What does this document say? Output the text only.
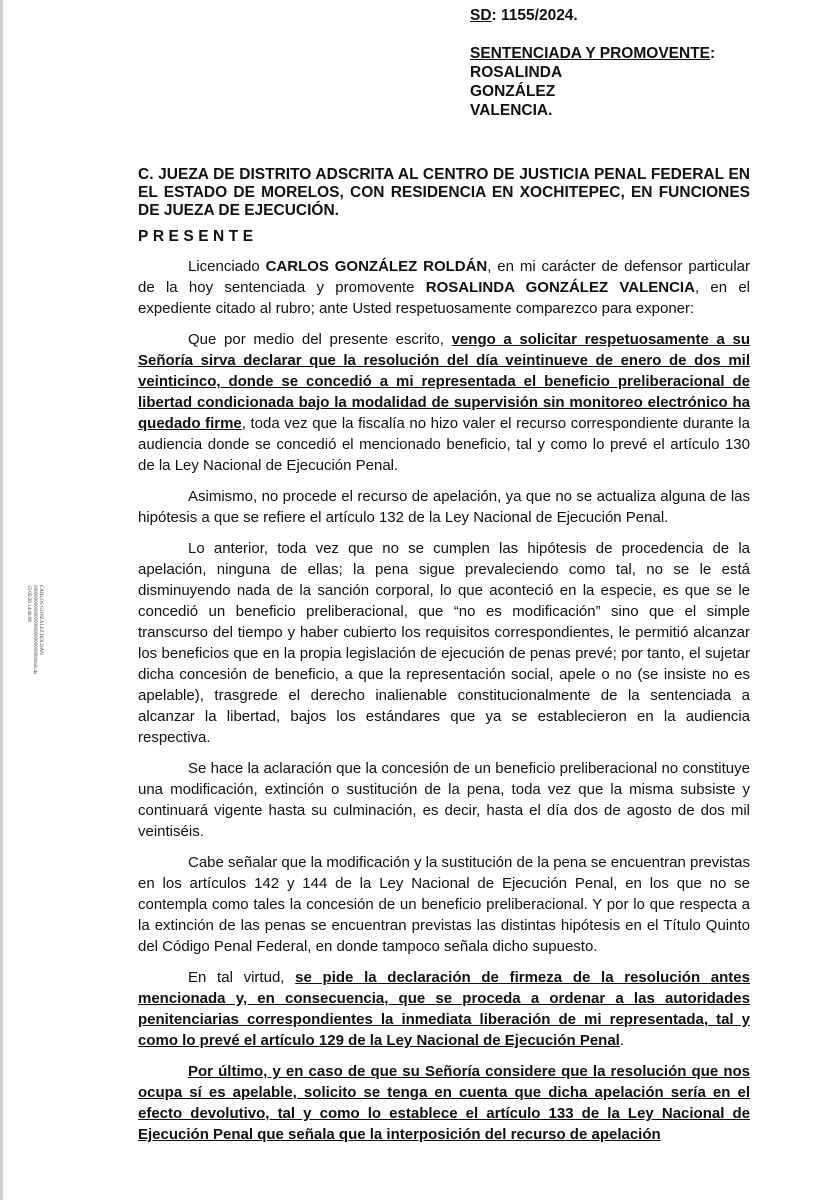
SD: 1155/2024.
SENTENCIADA Y PROMOVENTE:
ROSALINDA GONZÁLEZ VALENCIA.
CARLOS GONZALEZ ROLDAN
0000000000000000000000000000000a5c4a
15/05/26 14:40:08
C. JUEZA DE DISTRITO ADSCRITA AL CENTRO DE JUSTICIA PENAL FEDERAL EN EL ESTADO DE MORELOS, CON RESIDENCIA EN XOCHITEPEC, EN FUNCIONES DE JUEZA DE EJECUCIÓN.
PRESENTE

Licenciado CARLOS GONZÁLEZ ROLDÁN, en mi carácter de defensor particular de la hoy sentenciada y promovente ROSALINDA GONZÁLEZ VALENCIA, en el expediente citado al rubro; ante Usted respetuosamente comparezco para exponer:

Que por medio del presente escrito, vengo a solicitar respetuosamente a su Señoría sirva declarar que la resolución del día veintinueve de enero de dos mil veinticinco, donde se concedió a mi representada el beneficio preliberacional de libertad condicionada bajo la modalidad de supervisión sin monitoreo electrónico ha quedado firme, toda vez que la fiscalía no hizo valer el recurso correspondiente durante la audiencia donde se concedió el mencionado beneficio, tal y como lo prevé el artículo 130 de la Ley Nacional de Ejecución Penal.

Asimismo, no procede el recurso de apelación, ya que no se actualiza alguna de las hipótesis a que se refiere el artículo 132 de la Ley Nacional de Ejecución Penal.

Lo anterior, toda vez que no se cumplen las hipótesis de procedencia de la apelación, ninguna de ellas; la pena sigue prevaleciendo como tal, no se le está disminuyendo nada de la sanción corporal, lo que aconteció en la especie, es que se le concedió un beneficio preliberacional, que “no es modificación” sino que el simple transcurso del tiempo y haber cubierto los requisitos correspondientes, le permitió alcanzar los beneficios que en la propia legislación de ejecución de penas prevé; por tanto, el sujetar dicha concesión de beneficio, a que la representación social, apele o no (se insiste no es apelable), trasgrede el derecho inalienable constitucionalmente de la sentenciada a alcanzar la libertad, bajos los estándares que ya se establecieron en la audiencia respectiva.

Se hace la aclaración que la concesión de un beneficio preliberacional no constituye una modificación, extinción o sustitución de la pena, toda vez que la misma subsiste y continuará vigente hasta su culminación, es decir, hasta el día dos de agosto de dos mil veintiséis.

Cabe señalar que la modificación y la sustitución de la pena se encuentran previstas en los artículos 142 y 144 de la Ley Nacional de Ejecución Penal, en los que no se contempla como tales la concesión de un beneficio preliberacional. Y por lo que respecta a la extinción de las penas se encuentran previstas las distintas hipótesis en el Título Quinto del Código Penal Federal, en donde tampoco señala dicho supuesto.

En tal virtud, se pide la declaración de firmeza de la resolución antes mencionada y, en consecuencia, que se proceda a ordenar a las autoridades penitenciarias correspondientes la inmediata liberación de mi representada, tal y como lo prevé el artículo 129 de la Ley Nacional de Ejecución Penal.

Por último, y en caso de que su Señoría considere que la resolución que nos ocupa sí es apelable, solicito se tenga en cuenta que dicha apelación sería en el efecto devolutivo, tal y como lo establece el artículo 133 de la Ley Nacional de Ejecución Penal que señala que la interposición del recurso de apelación
